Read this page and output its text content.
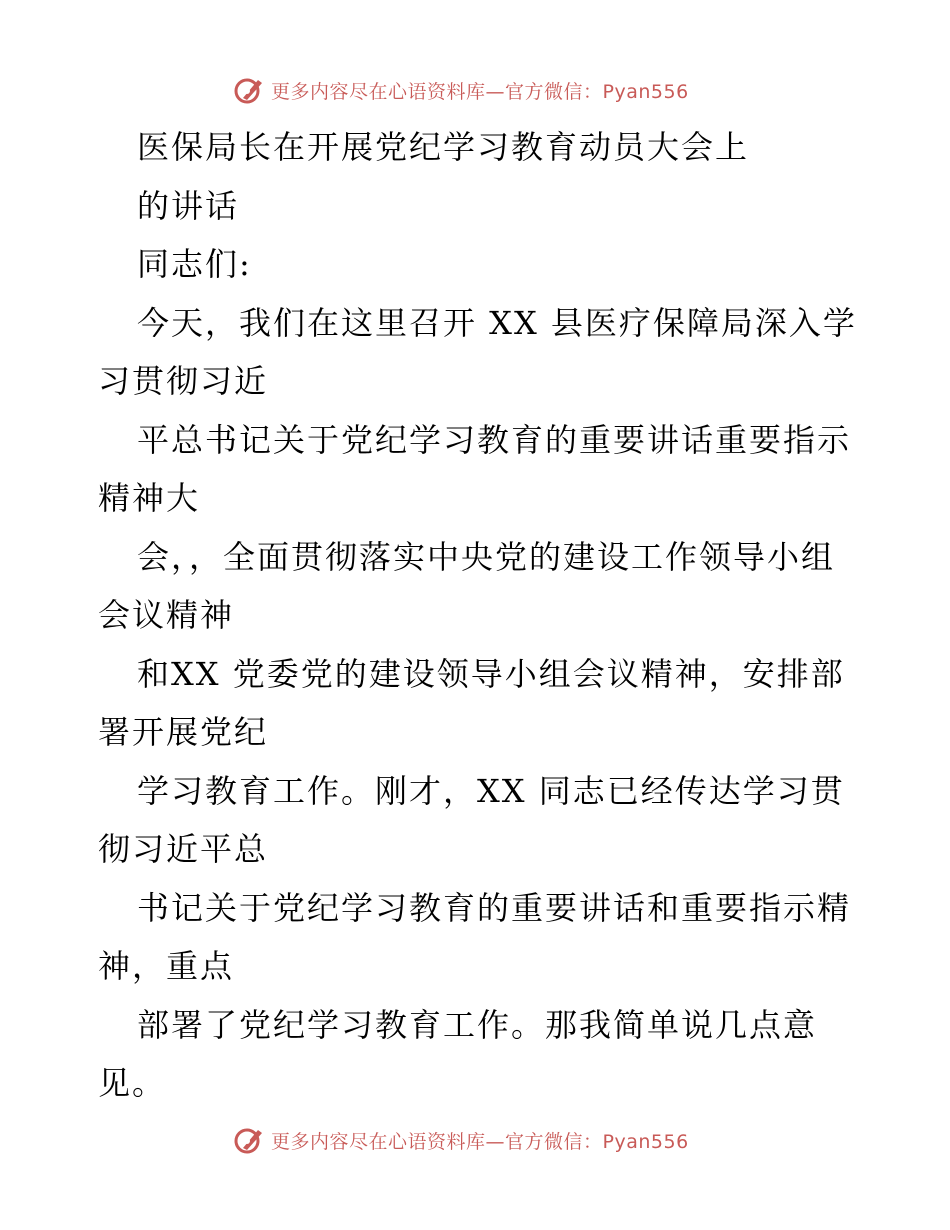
更多内容尽在心语资料库—官方微信：Pyan556
医保局长在开展党纪学习教育动员大会上
的讲话
同志们:
今天，我们在这里召开 XX 县医疗保障局深入学
习贯彻习近
平总书记关于党纪学习教育的重要讲话重要指示
精神大
会，，全面贯彻落实中央党的建设工作领导小组
会议精神
和XX 党委党的建设领导小组会议精神，安排部
署开展党纪
学习教育工作。刚才，XX 同志已经传达学习贯
彻习近平总
书记关于党纪学习教育的重要讲话和重要指示精
神，重点
部署了党纪学习教育工作。那我简单说几点意
见。
更多内容尽在心语资料库—官方微信：Pyan556
